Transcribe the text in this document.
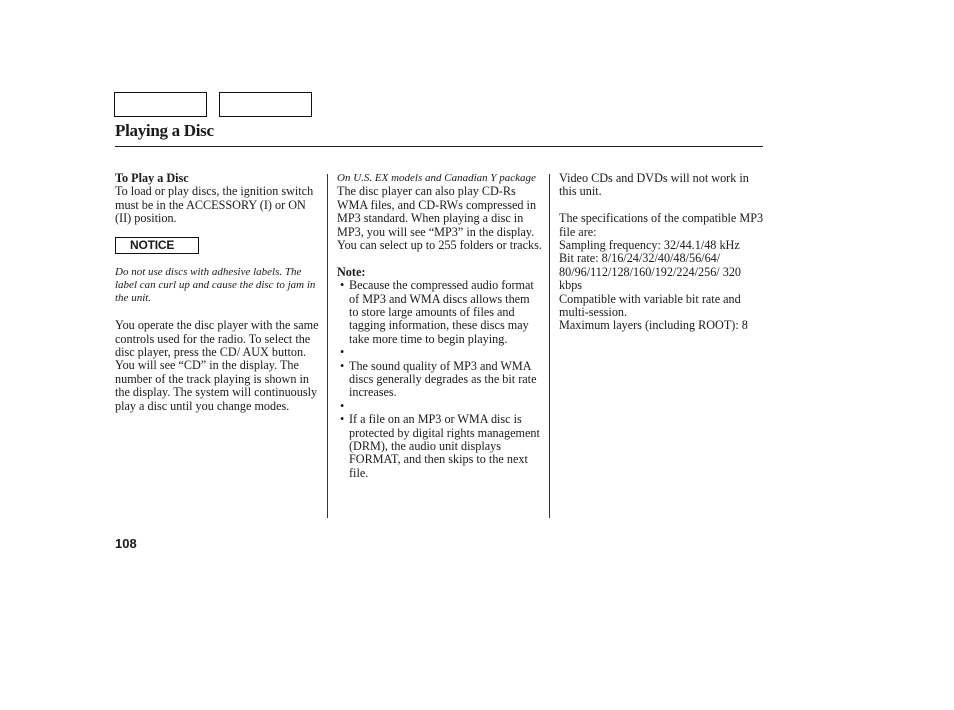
Playing a Disc

To Play a Disc

To load or play discs, the ignition switch must be in the ACCESSORY (I) or ON (II) position.

NOTICE

Do not use discs with adhesive labels. The label can curl up and cause the disc to jam in the unit.

You operate the disc player with the same controls used for the radio. To select the disc player, press the CD/ AUX button. You will see “CD” in the display. The number of the track playing is shown in the display. The system will continuously play a disc until you change modes.

On U.S. EX models and Canadian Y package

The disc player can also play CD-Rs WMA files, and CD-RWs compressed in MP3 standard. When playing a disc in MP3, you will see “MP3” in the display. You can select up to 255 folders or tracks.

Note:

• Because the compressed audio format of MP3 and WMA discs allows them to store large amounts of files and tagging information, these discs may take more time to begin playing.
•
• The sound quality of MP3 and WMA discs generally degrades as the bit rate increases.
•
• If a file on an MP3 or WMA disc is protected by digital rights management (DRM), the audio unit displays FORMAT, and then skips to the next file.

Video CDs and DVDs will not work in this unit.

The specifications of the compatible MP3 file are:

Sampling frequency: 32/44.1/48 kHz

Bit rate: 8/16/24/32/40/48/56/64/ 80/96/112/128/160/192/224/256/ 320 kbps

Compatible with variable bit rate and multi-session.

Maximum layers (including ROOT): 8

108
